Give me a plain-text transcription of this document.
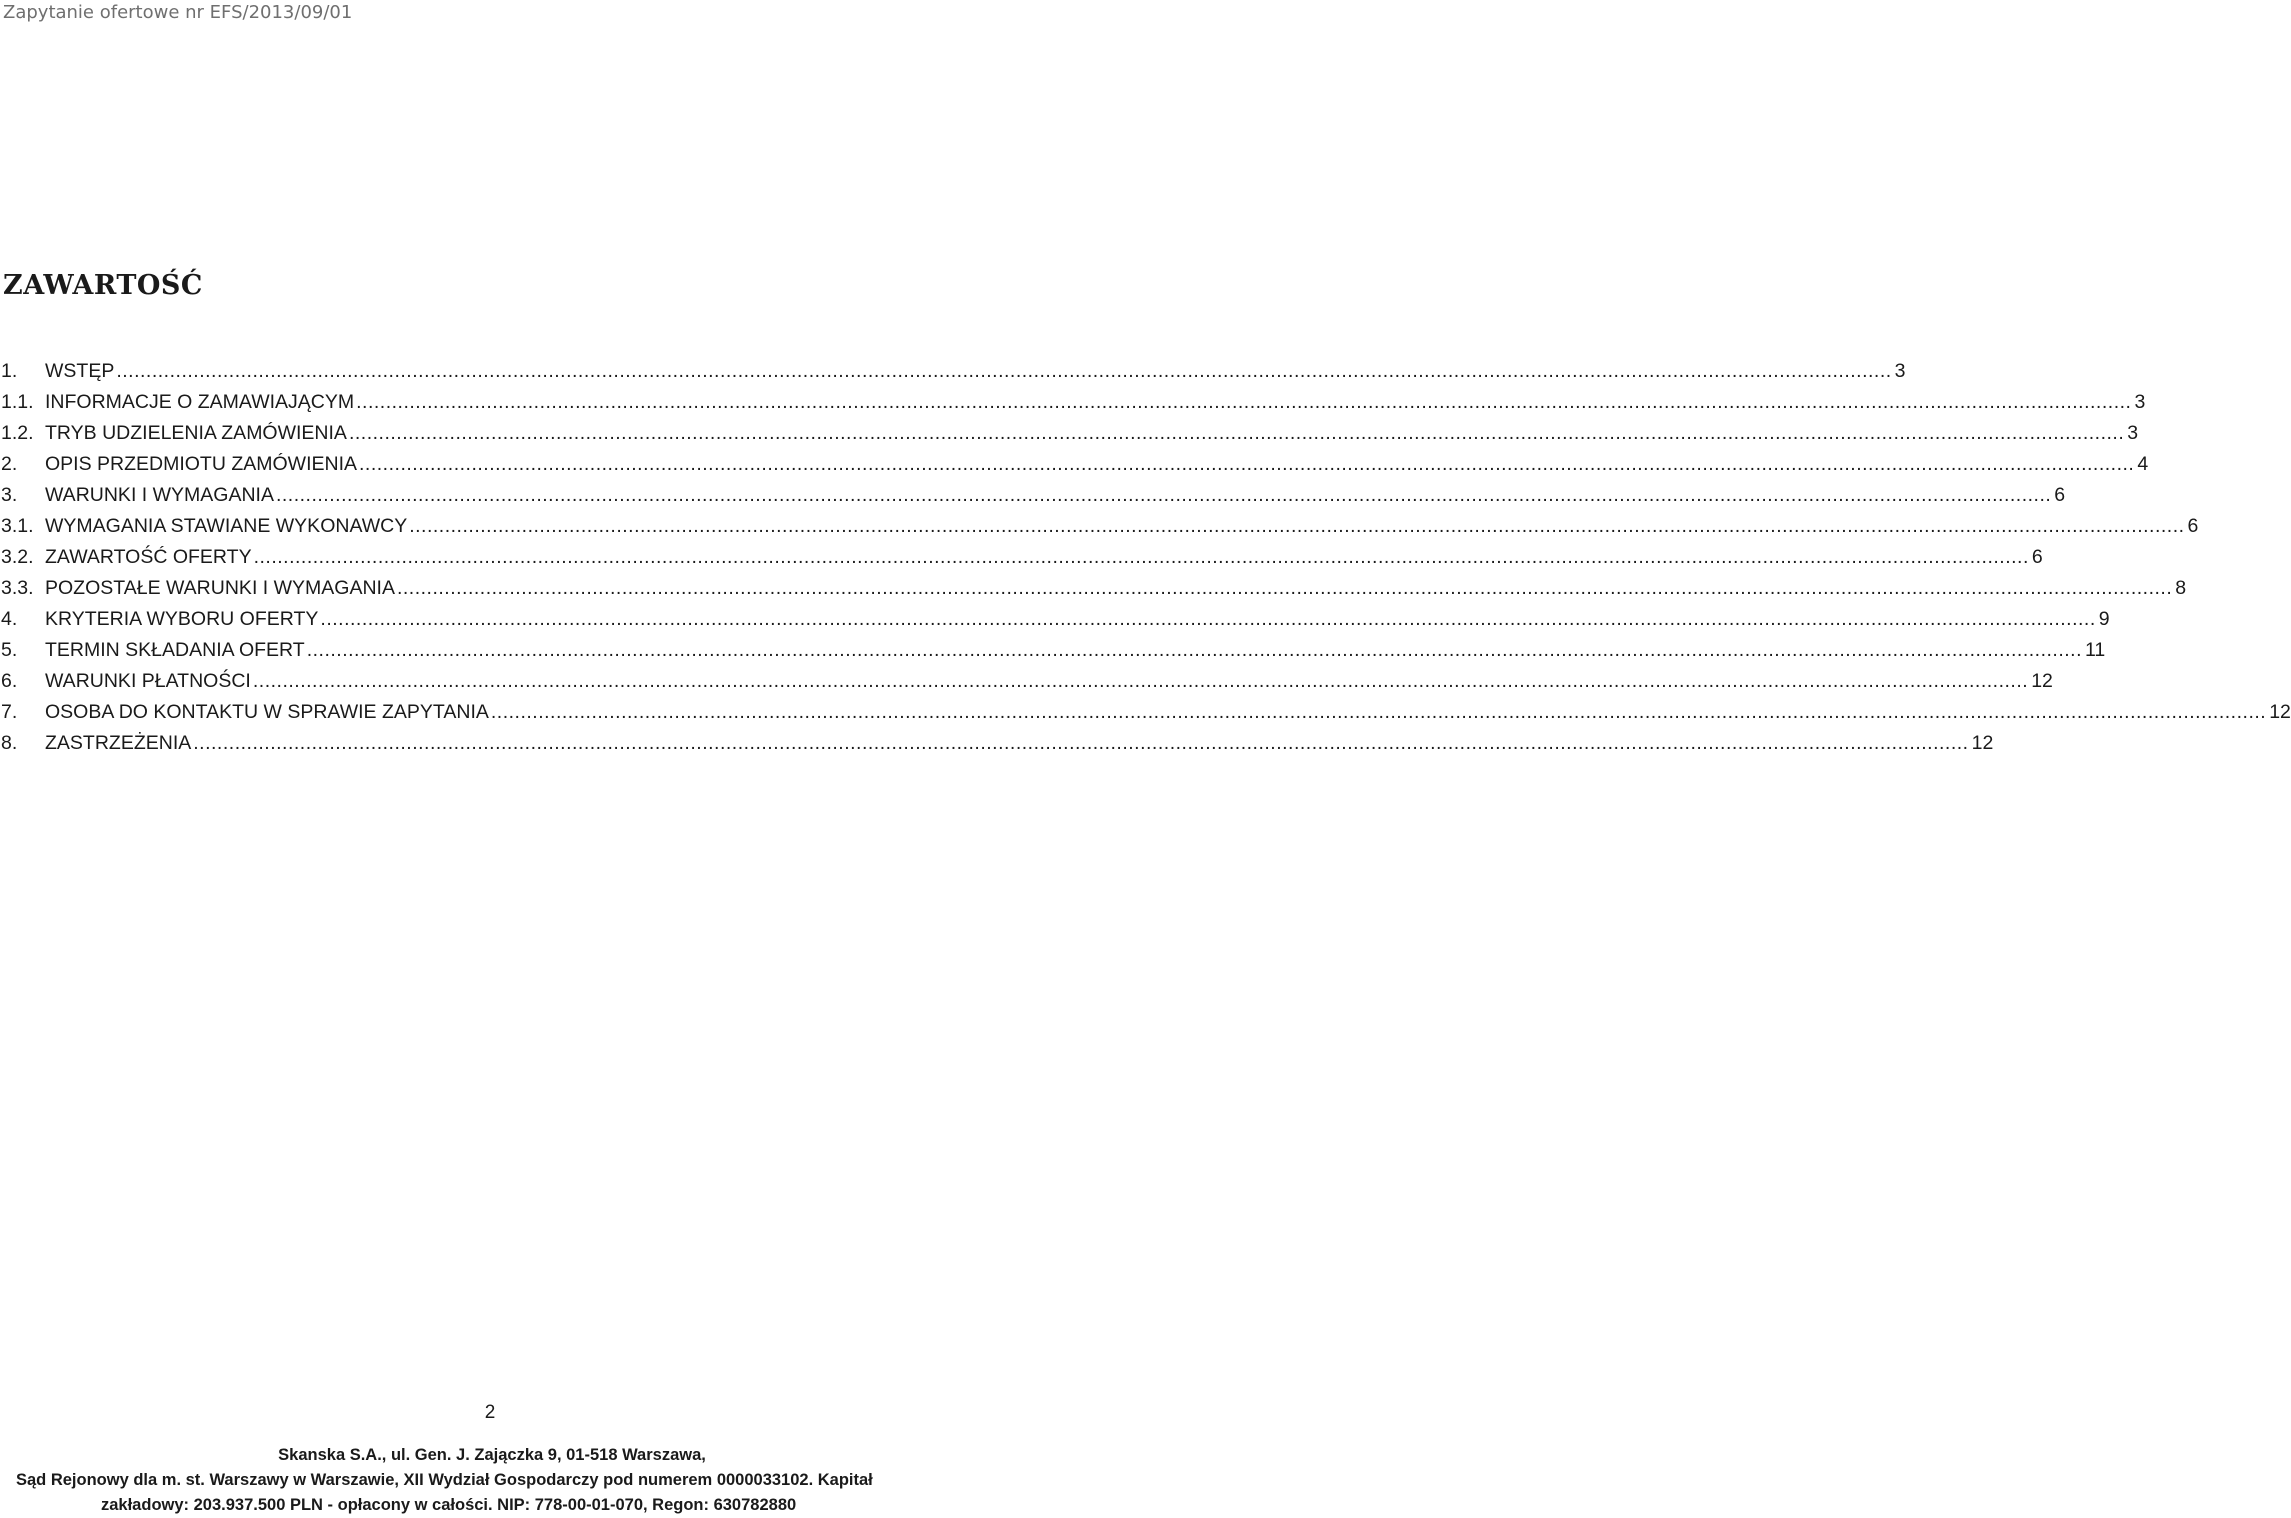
Zapytanie ofertowe nr EFS/2013/09/01
ZAWARTOŚĆ
1.	WSTĘP ............................................................................................................................................................................................................................................................................................................ 3
1.1. INFORMACJE O ZAMAWIAJĄCYM ............................................................................................................................................................................................................................................................................................................ 3
1.2. TRYB UDZIELENIA ZAMÓWIENIA ............................................................................................................................................................................................................................................................................................................ 3
2.	OPIS PRZEDMIOTU ZAMÓWIENIA ............................................................................................................................................................................................................................................................................................................ 4
3.	WARUNKI I WYMAGANIA ............................................................................................................................................................................................................................................................................................................ 6
3.1. WYMAGANIA STAWIANE WYKONAWCY ............................................................................................................................................................................................................................................................................................................ 6
3.2. ZAWARTOŚĆ OFERTY ............................................................................................................................................................................................................................................................................................................ 6
3.3. POZOSTAŁE WARUNKI I WYMAGANIA ............................................................................................................................................................................................................................................................................................................ 8
4.	KRYTERIA WYBORU OFERTY ............................................................................................................................................................................................................................................................................................................ 9
5.	TERMIN SKŁADANIA OFERT ............................................................................................................................................................................................................................................................................................................ 11
6.	WARUNKI PŁATNOŚCI ............................................................................................................................................................................................................................................................................................................ 12
7.	OSOBA DO KONTAKTU W SPRAWIE ZAPYTANIA ............................................................................................................................................................................................................................................................................................................ 12
8.	ZASTRZEŻENIA ............................................................................................................................................................................................................................................................................................................ 12
2
Skanska S.A., ul. Gen. J. Zajączka 9, 01-518 Warszawa,
Sąd Rejonowy dla m. st. Warszawy w Warszawie, XII Wydział Gospodarczy pod numerem 0000033102. Kapitał
zakładowy: 203.937.500 PLN - opłacony w całości. NIP: 778-00-01-070, Regon: 630782880
